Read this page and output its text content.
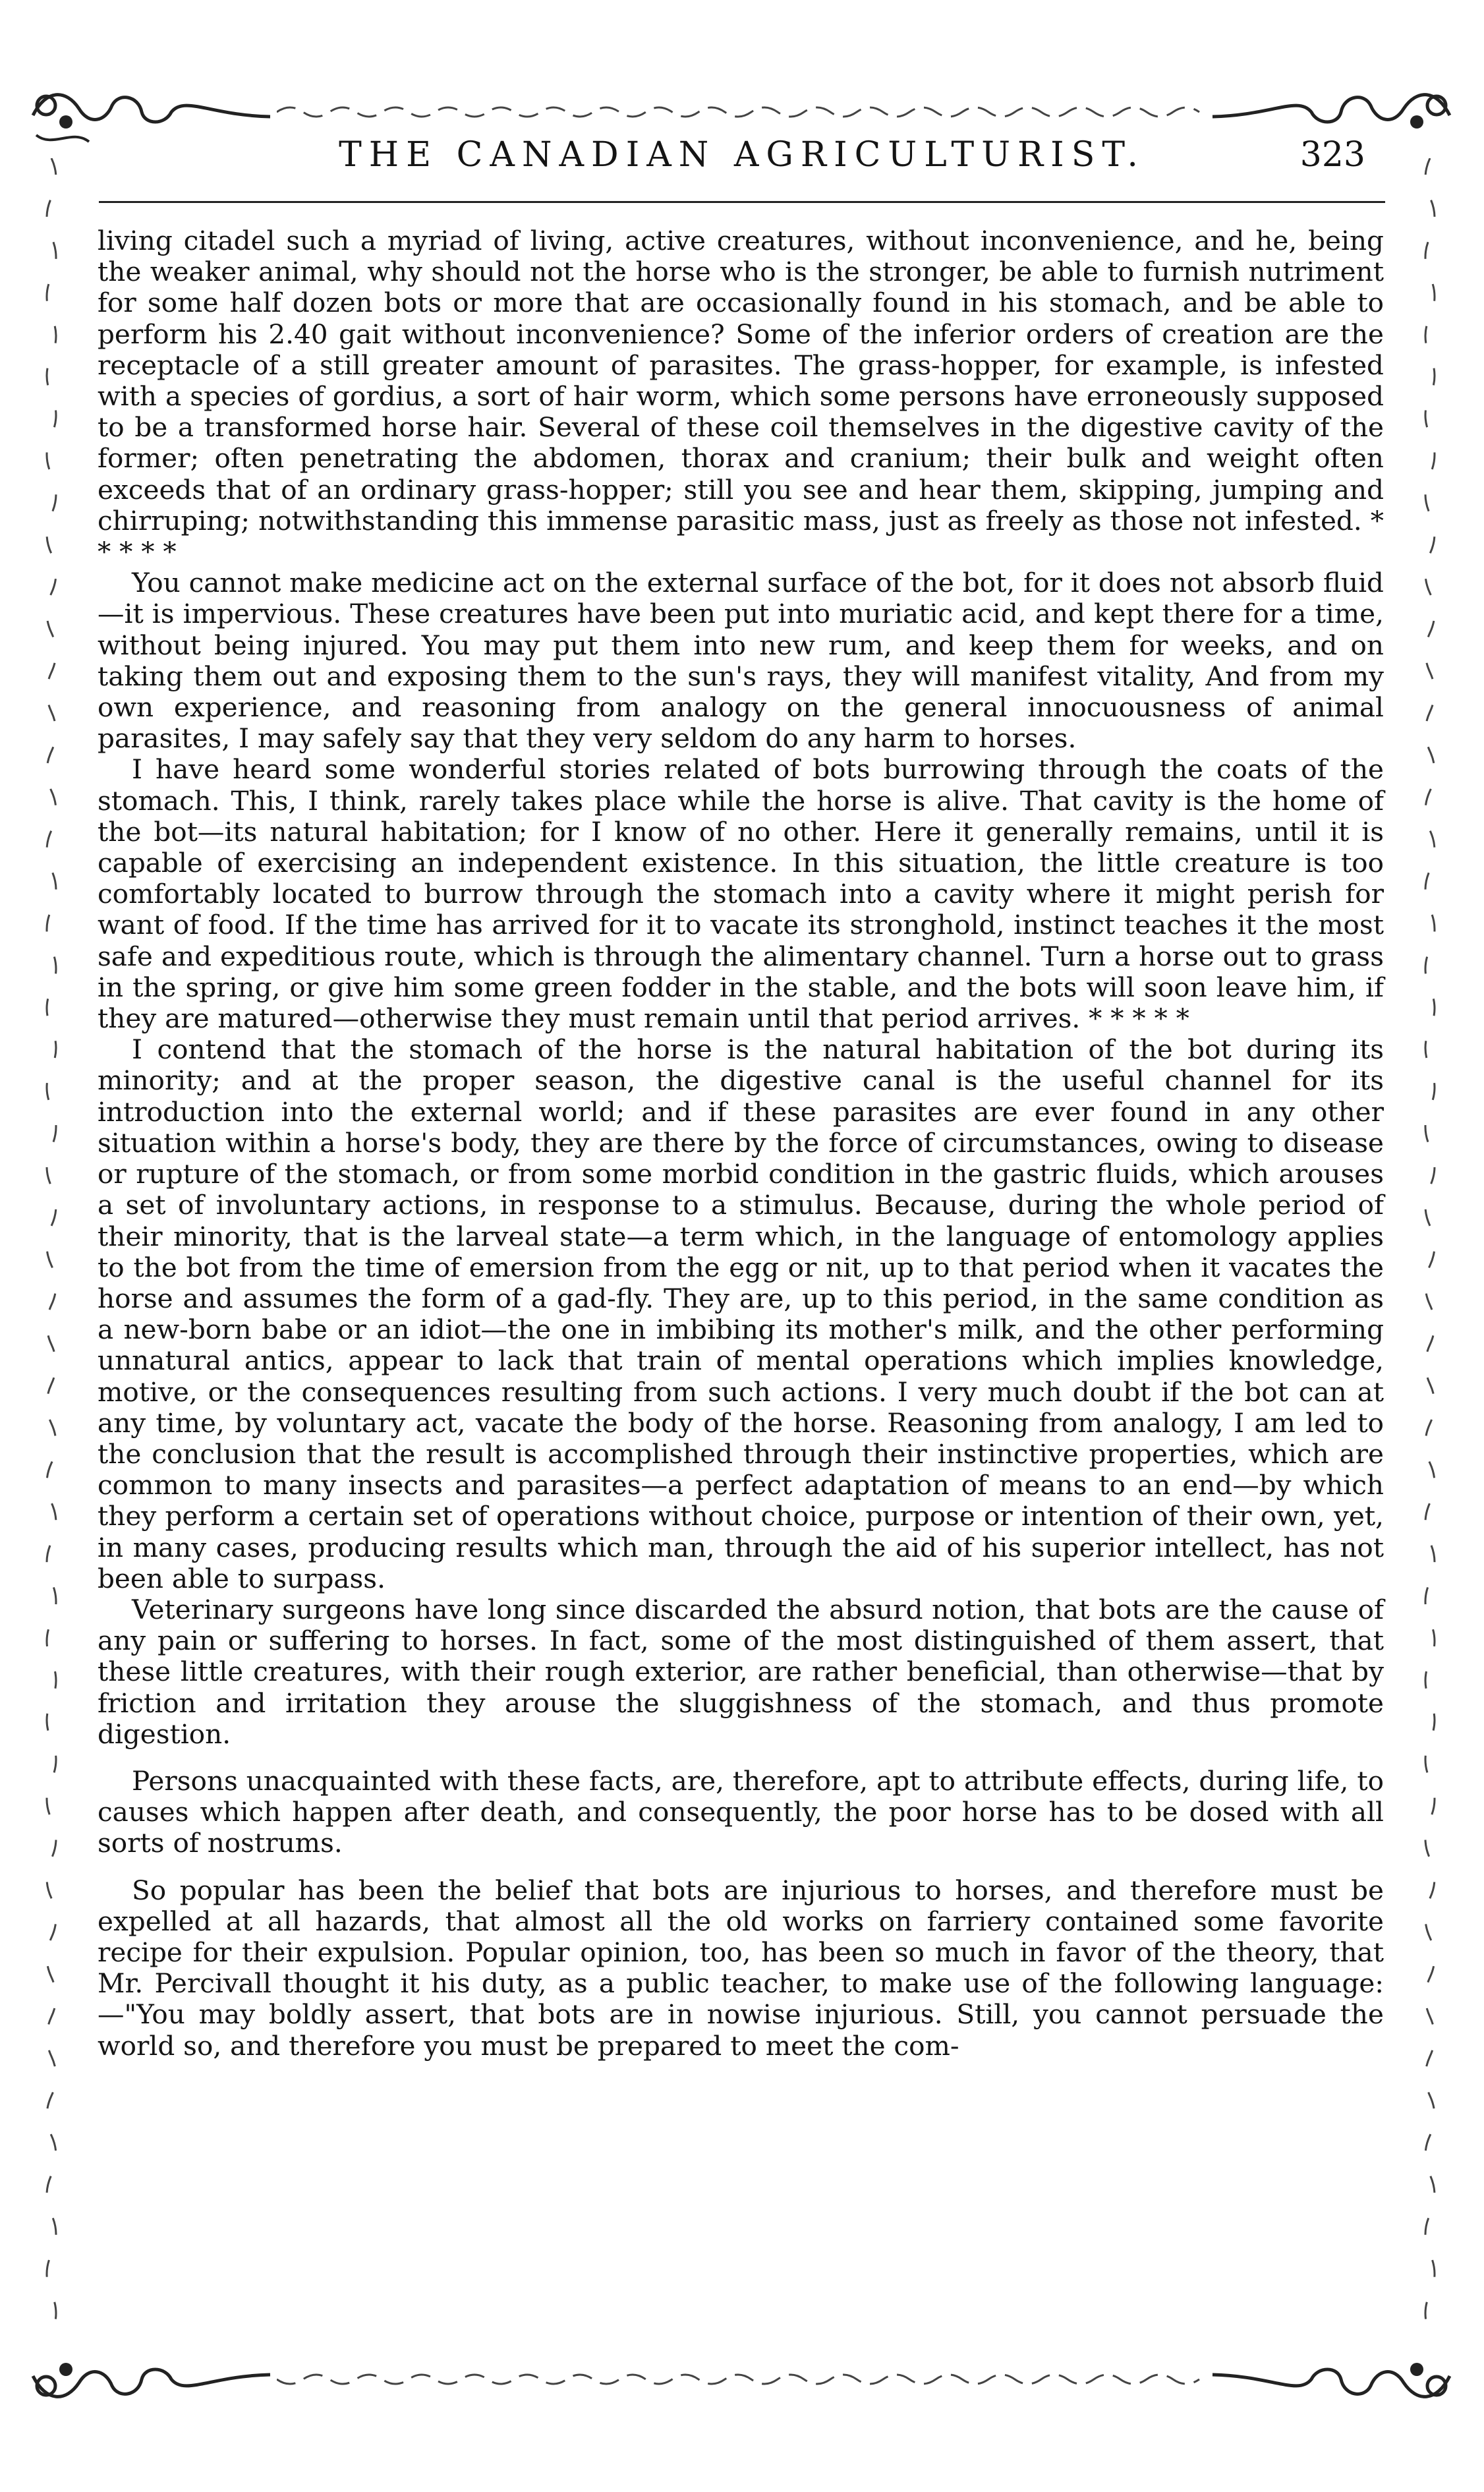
THE CANADIAN AGRICULTURIST.	323

living citadel such a myriad of living, active creatures, without inconvenience, and he, being the weaker animal, why should not the horse who is the stronger, be able to furnish nutriment for some half dozen bots or more that are occasionally found in his stomach, and be able to perform his 2.40 gait without inconvenience? Some of the inferior orders of creation are the receptacle of a still greater amount of parasites. The grass-hopper, for example, is infested with a species of gordius, a sort of hair worm, which some persons have erroneously supposed to be a transformed horse hair. Several of these coil themselves in the digestive cavity of the former; often penetrating the abdomen, thorax and cranium; their bulk and weight often exceeds that of an ordinary grass-hopper; still you see and hear them, skipping, jumping and chirruping; notwithstanding this immense parasitic mass, just as freely as those not infested. * * * * *

You cannot make medicine act on the external surface of the bot, for it does not absorb fluid—it is impervious. These creatures have been put into muriatic acid, and kept there for a time, without being injured. You may put them into new rum, and keep them for weeks, and on taking them out and exposing them to the sun's rays, they will manifest vitality, And from my own experience, and reasoning from analogy on the general innocuousness of animal parasites, I may safely say that they very seldom do any harm to horses.

I have heard some wonderful stories related of bots burrowing through the coats of the stomach. This, I think, rarely takes place while the horse is alive. That cavity is the home of the bot—its natural habitation; for I know of no other. Here it generally remains, until it is capable of exercising an independent existence. In this situation, the little creature is too comfortably located to burrow through the stomach into a cavity where it might perish for want of food. If the time has arrived for it to vacate its stronghold, instinct teaches it the most safe and expeditious route, which is through the alimentary channel. Turn a horse out to grass in the spring, or give him some green fodder in the stable, and the bots will soon leave him, if they are matured—otherwise they must remain until that period arrives. * * * * *

I contend that the stomach of the horse is the natural habitation of the bot during its minority; and at the proper season, the digestive canal is the useful channel for its introduction into the external world; and if these parasites are ever found in any other situation within a horse's body, they are there by the force of circumstances, owing to disease or rupture of the stomach, or from some morbid condition in the gastric fluids, which arouses a set of involuntary actions, in response to a stimulus. Because, during the whole period of their minority, that is the larveal state—a term which, in the language of entomology applies to the bot from the time of emersion from the egg or nit, up to that period when it vacates the horse and assumes the form of a gad-fly. They are, up to this period, in the same condition as a new-born babe or an idiot—the one in imbibing its mother's milk, and the other performing unnatural antics, appear to lack that train of mental operations which implies knowledge, motive, or the consequences resulting from such actions. I very much doubt if the bot can at any time, by voluntary act, vacate the body of the horse. Reasoning from analogy, I am led to the conclusion that the result is accomplished through their instinctive properties, which are common to many insects and parasites—a perfect adaptation of means to an end—by which they perform a certain set of operations without choice, purpose or intention of their own, yet, in many cases, producing results which man, through the aid of his superior intellect, has not been able to surpass.

Veterinary surgeons have long since discarded the absurd notion, that bots are the cause of any pain or suffering to horses. In fact, some of the most distinguished of them assert, that these little creatures, with their rough exterior, are rather beneficial, than otherwise—that by friction and irritation they arouse the sluggishness of the stomach, and thus promote digestion.

Persons unacquainted with these facts, are, therefore, apt to attribute effects, during life, to causes which happen after death, and consequently, the poor horse has to be dosed with all sorts of nostrums.

So popular has been the belief that bots are injurious to horses, and therefore must be expelled at all hazards, that almost all the old works on farriery contained some favorite recipe for their expulsion. Popular opinion, too, has been so much in favor of the theory, that Mr. Percivall thought it his duty, as a public teacher, to make use of the following language:—"You may boldly assert, that bots are in nowise injurious. Still, you cannot persuade the world so, and therefore you must be prepared to meet the com-
